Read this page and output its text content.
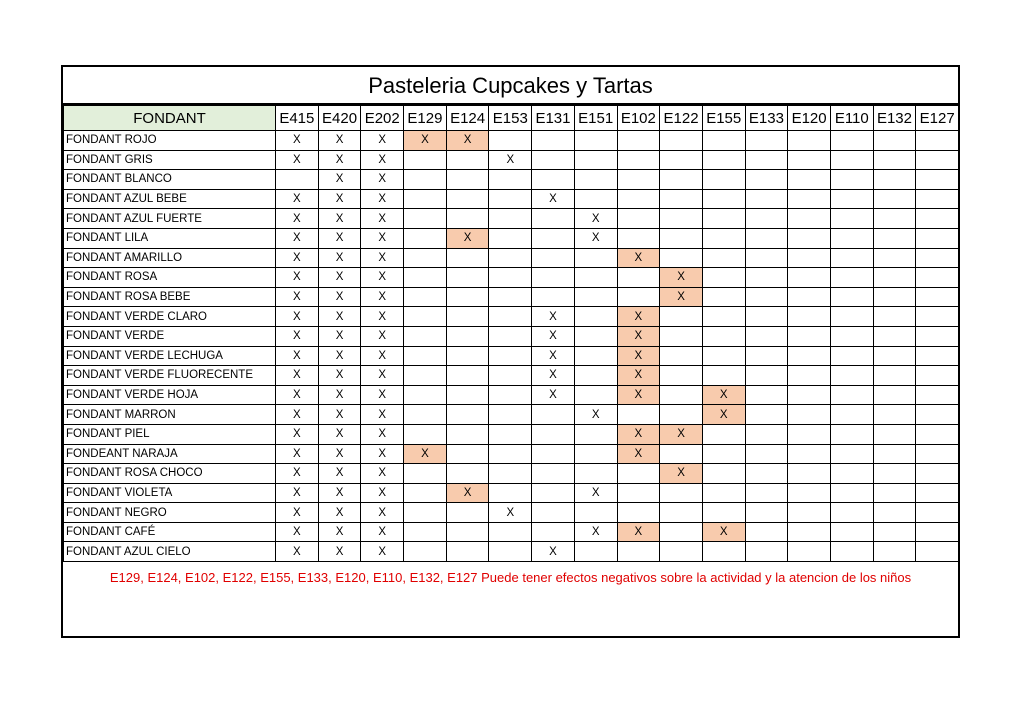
Pasteleria Cupcakes y Tartas
FONDANT	E415	E420	E202	E129	E124	E153	E131	E151	E102	E122	E155	E133	E120	E110	E132	E127
FONDANT ROJO	X	X	X	X	X											
FONDANT GRIS	X	X	X			X										
FONDANT BLANCO		X	X													
FONDANT AZUL BEBE	X	X	X				X									
FONDANT AZUL FUERTE	X	X	X					X								
FONDANT LILA	X	X	X		X			X								
FONDANT AMARILLO	X	X	X						X							
FONDANT ROSA	X	X	X							X						
FONDANT ROSA BEBE	X	X	X							X						
FONDANT VERDE CLARO	X	X	X				X		X							
FONDANT VERDE	X	X	X				X		X							
FONDANT VERDE LECHUGA	X	X	X				X		X							
FONDANT VERDE FLUORECENTE	X	X	X				X		X							
FONDANT VERDE HOJA	X	X	X				X		X		X					
FONDANT MARRON	X	X	X					X			X					
FONDANT PIEL	X	X	X						X	X						
FONDEANT NARAJA	X	X	X	X					X							
FONDANT ROSA CHOCO	X	X	X							X						
FONDANT VIOLETA	X	X	X		X			X								
FONDANT NEGRO	X	X	X			X										
FONDANT CAFÉ	X	X	X					X	X		X					
FONDANT AZUL CIELO	X	X	X				X									
E129, E124, E102, E122, E155, E133, E120, E110, E132, E127 Puede tener efectos negativos sobre la actividad y la atencion de los niños
